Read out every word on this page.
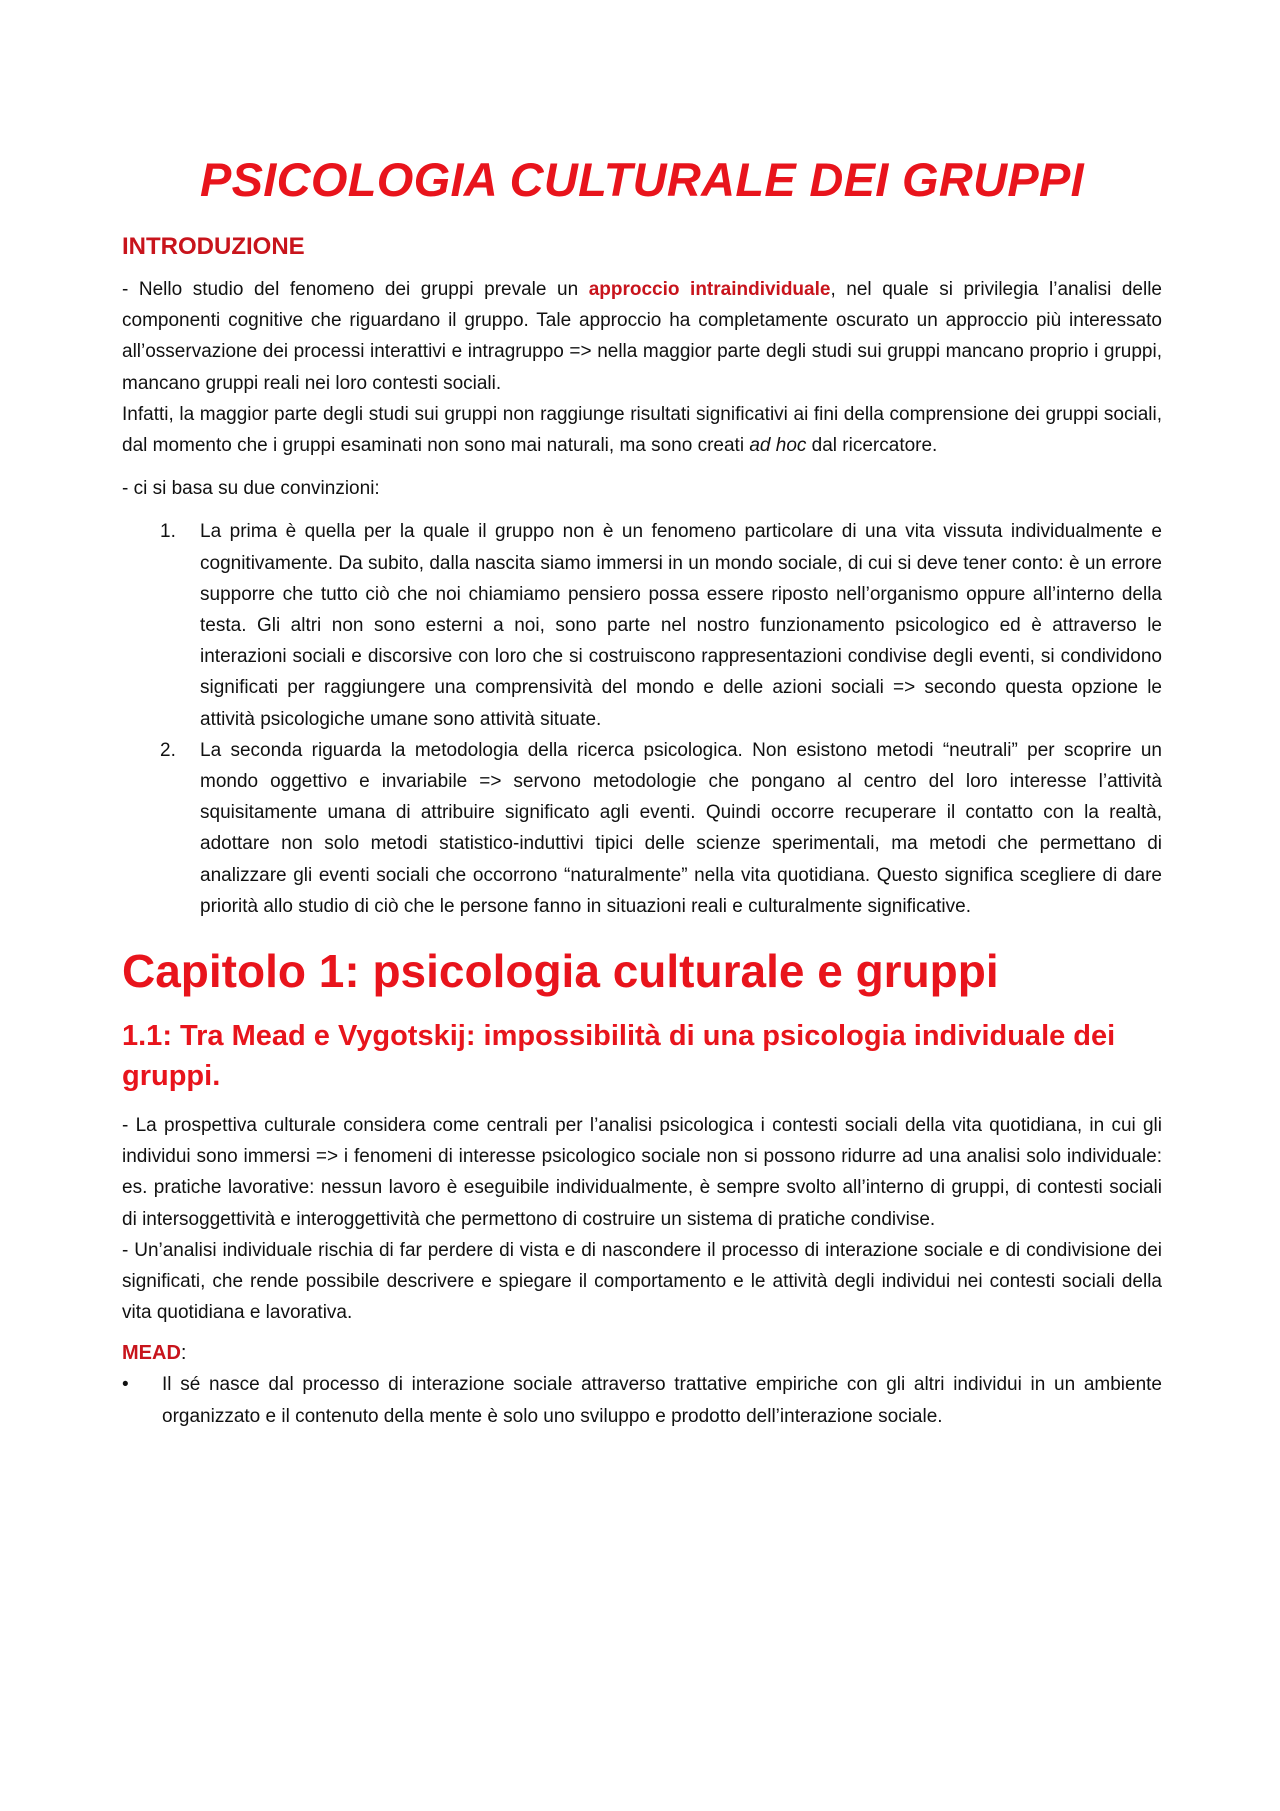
PSICOLOGIA CULTURALE DEI GRUPPI
INTRODUZIONE

- Nello studio del fenomeno dei gruppi prevale un approccio intraindividuale, nel quale si privilegia l’analisi delle componenti cognitive che riguardano il gruppo. Tale approccio ha completamente oscurato un approccio più interessato all’osservazione dei processi interattivi e intragruppo => nella maggior parte degli studi sui gruppi mancano proprio i gruppi, mancano gruppi reali nei loro contesti sociali.

Infatti, la maggior parte degli studi sui gruppi non raggiunge risultati significativi ai fini della comprensione dei gruppi sociali, dal momento che i gruppi esaminati non sono mai naturali, ma sono creati ad hoc dal ricercatore.

- ci si basa su due convinzioni:

1. La prima è quella per la quale il gruppo non è un fenomeno particolare di una vita vissuta individualmente e cognitivamente. Da subito, dalla nascita siamo immersi in un mondo sociale, di cui si deve tener conto: è un errore supporre che tutto ciò che noi chiamiamo pensiero possa essere riposto nell’organismo oppure all’interno della testa. Gli altri non sono esterni a noi, sono parte nel nostro funzionamento psicologico ed è attraverso le interazioni sociali e discorsive con loro che si costruiscono rappresentazioni condivise degli eventi, si condividono significati per raggiungere una comprensività del mondo e delle azioni sociali => secondo questa opzione le attività psicologiche umane sono attività situate.
2. La seconda riguarda la metodologia della ricerca psicologica. Non esistono metodi “neutrali” per scoprire un mondo oggettivo e invariabile => servono metodologie che pongano al centro del loro interesse l’attività squisitamente umana di attribuire significato agli eventi. Quindi occorre recuperare il contatto con la realtà, adottare non solo metodi statistico-induttivi tipici delle scienze sperimentali, ma metodi che permettano di analizzare gli eventi sociali che occorrono “naturalmente” nella vita quotidiana. Questo significa scegliere di dare priorità allo studio di ciò che le persone fanno in situazioni reali e culturalmente significative.
Capitolo 1: psicologia culturale e gruppi
1.1: Tra Mead e Vygotskij: impossibilità di una psicologia individuale dei gruppi.

- La prospettiva culturale considera come centrali per l’analisi psicologica i contesti sociali della vita quotidiana, in cui gli individui sono immersi => i fenomeni di interesse psicologico sociale non si possono ridurre ad una analisi solo individuale: es. pratiche lavorative: nessun lavoro è eseguibile individualmente, è sempre svolto all’interno di gruppi, di contesti sociali di intersoggettività e interoggettività che permettono di costruire un sistema di pratiche condivise.

- Un’analisi individuale rischia di far perdere di vista e di nascondere il processo di interazione sociale e di condivisione dei significati, che rende possibile descrivere e spiegare il comportamento e le attività degli individui nei contesti sociali della vita quotidiana e lavorativa.

MEAD:
• Il sé nasce dal processo di interazione sociale attraverso trattative empiriche con gli altri individui in un ambiente organizzato e il contenuto della mente è solo uno sviluppo e prodotto dell’interazione sociale.
